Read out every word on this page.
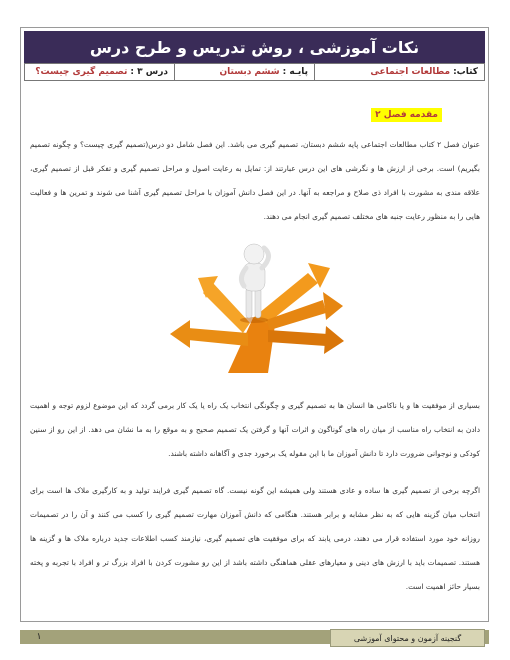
نکات آموزشی ، روش تدریس و طرح درس
کتاب:
مطالعات اجتماعی
پایـه :
ششم دبستان
درس ۳ :
تصمیم گیری چیست؟
مقدمه فصل ۲
عنوان فصل ۲ کتاب مطالعات اجتماعی پایه ششم دبستان، تصمیم گیری می باشد. این فصل شامل دو درس(تصمیم گیری چیست؟ و چگونه تصمیم بگیریم) است. برخی از ارزش ها و نگرشی های این درس عبارتند از: تمایل به رعایت اصول و مراحل تصمیم گیری و تفکر قبل از تصمیم گیری، علاقه مندی به مشورت با افراد ذی صلاح و مراجعه به آنها. در این فصل دانش آموزان با مراحل تصمیم گیری آشنا می شوند و تمرین ها و فعالیت هایی را به منظور رعایت جنبه های مختلف تصمیم گیری انجام می دهند.
بسیاری از موفقیت ها و یا ناکامی ها انسان ها به تصمیم گیری و چگونگی انتخاب یک راه یا یک کار برمی گردد که این موضوع لزوم توجه و اهمیت دادن به انتخاب راه مناسب از میان راه های گوناگون و اثرات آنها و گرفتن یک تصمیم صحیح و به موقع را به ما نشان می دهد. از این رو از سنین کودکی و نوجوانی ضرورت دارد تا دانش آموزان ما با این مقوله یک برخورد جدی و آگاهانه داشته باشند.
اگرچه برخی از تصمیم گیری ها ساده و عادی هستند ولی همیشه این گونه نیست. گاه تصمیم گیری فرایند تولید و به کارگیری ملاک ها است برای انتخاب میان گزینه هایی که به نظر مشابه و برابر هستند. هنگامی که دانش آموزان مهارت تصمیم گیری را کسب می کنند و آن را در تصمیمات روزانه خود مورد استفاده قرار می دهند، درمی یابند که برای موفقیت های تصمیم گیری، نیازمند کسب اطلاعات جدید درباره ملاک ها و گزینه ها هستند. تصمیمات باید با ارزش های دینی و معیارهای عقلی هماهنگی داشته باشد از این رو مشورت کردن با افراد بزرگ تر و افراد با تجربه و پخته بسیار حائز اهمیت است.
گنجینه آزمون و محتوای آموزشی
۱
